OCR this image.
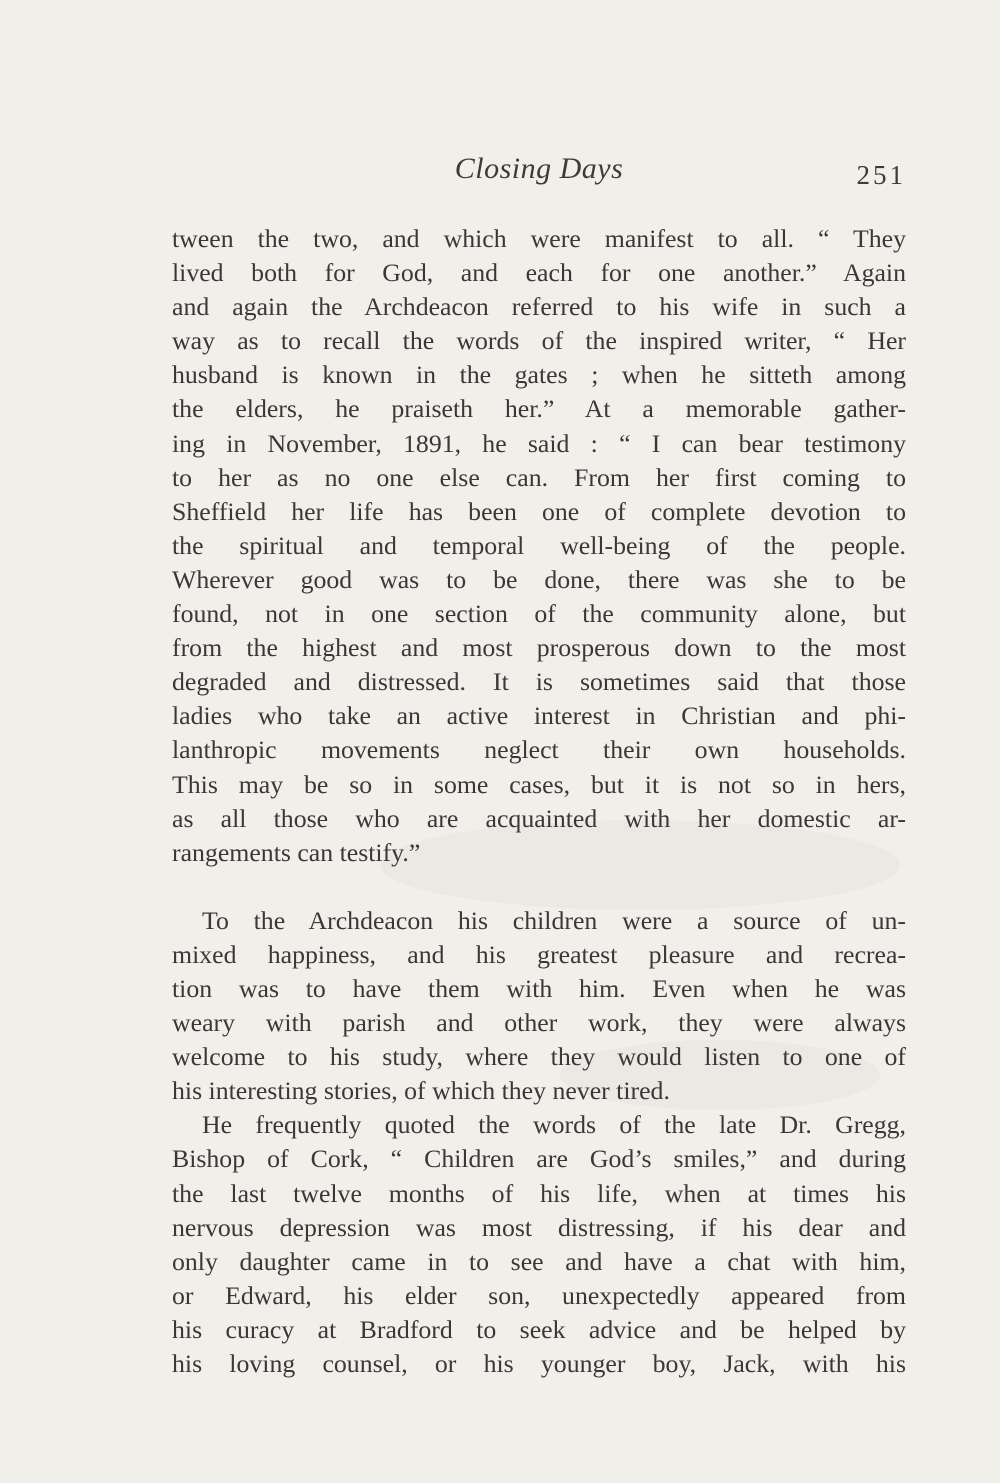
Closing Days	251
tween the two, and which were manifest to all. “ They
lived both for God, and each for one another.” Again
and again the Archdeacon referred to his wife in such a
way as to recall the words of the inspired writer, “ Her
husband is known in the gates ; when he sitteth among
the elders, he praiseth her.” At a memorable gather-
ing in November, 1891, he said : “ I can bear testimony
to her as no one else can. From her first coming to
Sheffield her life has been one of complete devotion to
the spiritual and temporal well-being of the people.
Wherever good was to be done, there was she to be
found, not in one section of the community alone, but
from the highest and most prosperous down to the most
degraded and distressed. It is sometimes said that those
ladies who take an active interest in Christian and phi-
lanthropic movements neglect their own households.
This may be so in some cases, but it is not so in hers,
as all those who are acquainted with her domestic ar-
rangements can testify.”
To the Archdeacon his children were a source of un-
mixed happiness, and his greatest pleasure and recrea-
tion was to have them with him. Even when he was
weary with parish and other work, they were always
welcome to his study, where they would listen to one of
his interesting stories, of which they never tired.
He frequently quoted the words of the late Dr. Gregg,
Bishop of Cork, “ Children are God’s smiles,” and during
the last twelve months of his life, when at times his
nervous depression was most distressing, if his dear and
only daughter came in to see and have a chat with him,
or Edward, his elder son, unexpectedly appeared from
his curacy at Bradford to seek advice and be helped by
his loving counsel, or his younger boy, Jack, with his
